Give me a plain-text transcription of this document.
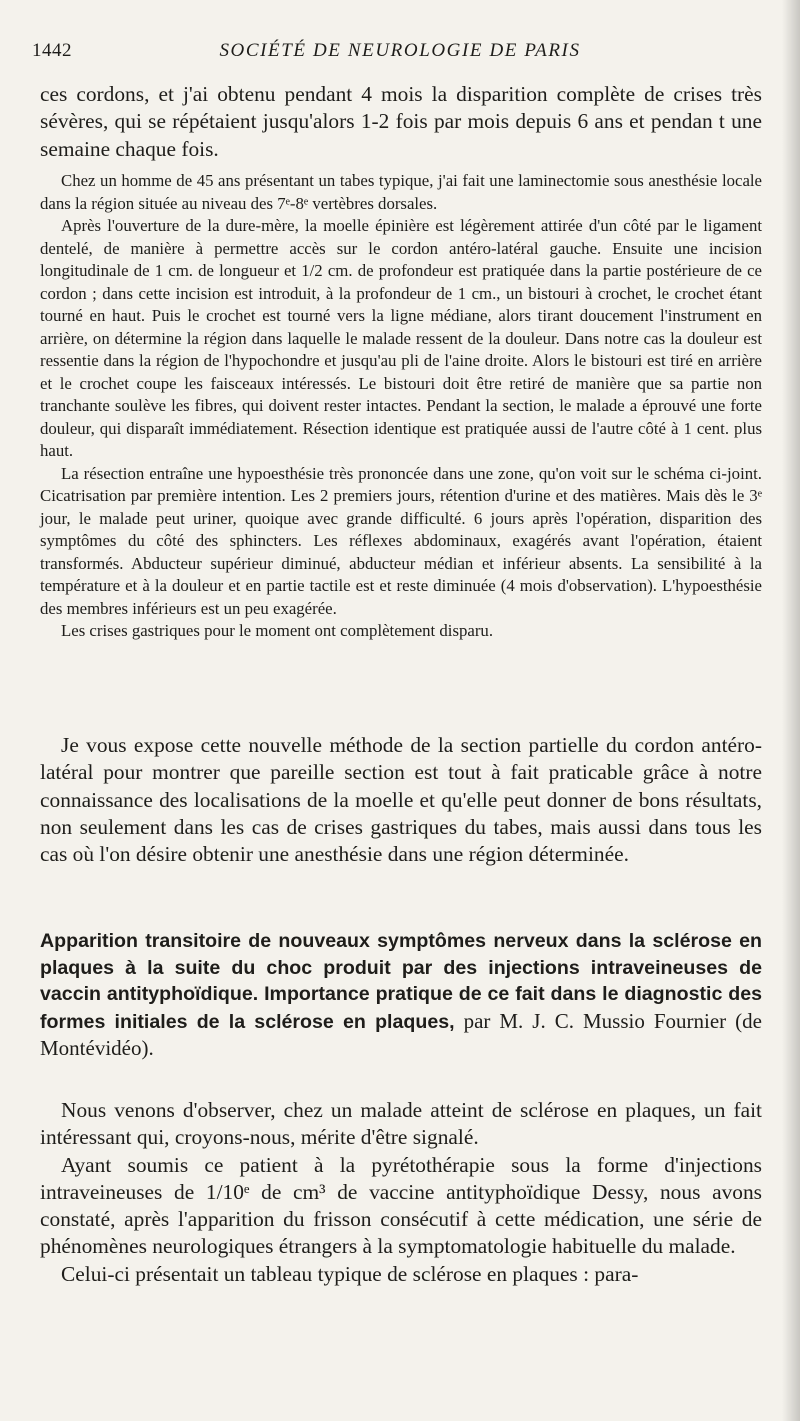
1442	SOCIÉTÉ DE NEUROLOGIE DE PARIS

ces cordons, et j'ai obtenu pendant 4 mois la disparition complète de crises très sévères, qui se répétaient jusqu'alors 1-2 fois par mois depuis 6 ans et pendan t une semaine chaque fois.

Chez un homme de 45 ans présentant un tabes typique, j'ai fait une laminectomie sous anesthésie locale dans la région située au niveau des 7ᵉ-8ᵉ vertèbres dorsales.

Après l'ouverture de la dure-mère, la moelle épinière est légèrement attirée d'un côté par le ligament dentelé, de manière à permettre accès sur le cordon antéro-latéral gauche. Ensuite une incision longitudinale de 1 cm. de longueur et 1/2 cm. de profondeur est pratiquée dans la partie postérieure de ce cordon ; dans cette incision est introduit, à la profondeur de 1 cm., un bistouri à crochet, le crochet étant tourné en haut. Puis le crochet est tourné vers la ligne médiane, alors tirant doucement l'instrument en arrière, on détermine la région dans laquelle le malade ressent de la douleur. Dans notre cas la douleur est ressentie dans la région de l'hypochondre et jusqu'au pli de l'aine droite. Alors le bistouri est tiré en arrière et le crochet coupe les faisceaux intéressés. Le bistouri doit être retiré de manière que sa partie non tranchante soulève les fibres, qui doivent rester intactes. Pendant la section, le malade a éprouvé une forte douleur, qui disparaît immédiatement. Résection identique est pratiquée aussi de l'autre côté à 1 cent. plus haut.

La résection entraîne une hypoesthésie très prononcée dans une zone, qu'on voit sur le schéma ci-joint. Cicatrisation par première intention. Les 2 premiers jours, rétention d'urine et des matières. Mais dès le 3ᵉ jour, le malade peut uriner, quoique avec grande difficulté. 6 jours après l'opération, disparition des symptômes du côté des sphincters. Les réflexes abdominaux, exagérés avant l'opération, étaient transformés. Abducteur supérieur diminué, abducteur médian et inférieur absents. La sensibilité à la température et à la douleur et en partie tactile est et reste diminuée (4 mois d'observation). L'hypoesthésie des membres inférieurs est un peu exagérée.

Les crises gastriques pour le moment ont complètement disparu.

Je vous expose cette nouvelle méthode de la section partielle du cordon antéro-latéral pour montrer que pareille section est tout à fait praticable grâce à notre connaissance des localisations de la moelle et qu'elle peut donner de bons résultats, non seulement dans les cas de crises gastriques du tabes, mais aussi dans tous les cas où l'on désire obtenir une anesthésie dans une région déterminée.

Apparition transitoire de nouveaux symptômes nerveux dans la sclérose en plaques à la suite du choc produit par des injections intraveineuses de vaccin antityphoïdique. Importance pratique de ce fait dans le diagnostic des formes initiales de la sclérose en plaques, par M. J. C. Mussio Fournier (de Montévidéo).

Nous venons d'observer, chez un malade atteint de sclérose en plaques, un fait intéressant qui, croyons-nous, mérite d'être signalé.

Ayant soumis ce patient à la pyrétothérapie sous la forme d'injections intraveineuses de 1/10ᵉ de cm³ de vaccine antityphoïdique Dessy, nous avons constaté, après l'apparition du frisson consécutif à cette médication, une série de phénomènes neurologiques étrangers à la symptomatologie habituelle du malade.

Celui-ci présentait un tableau typique de sclérose en plaques : para-
